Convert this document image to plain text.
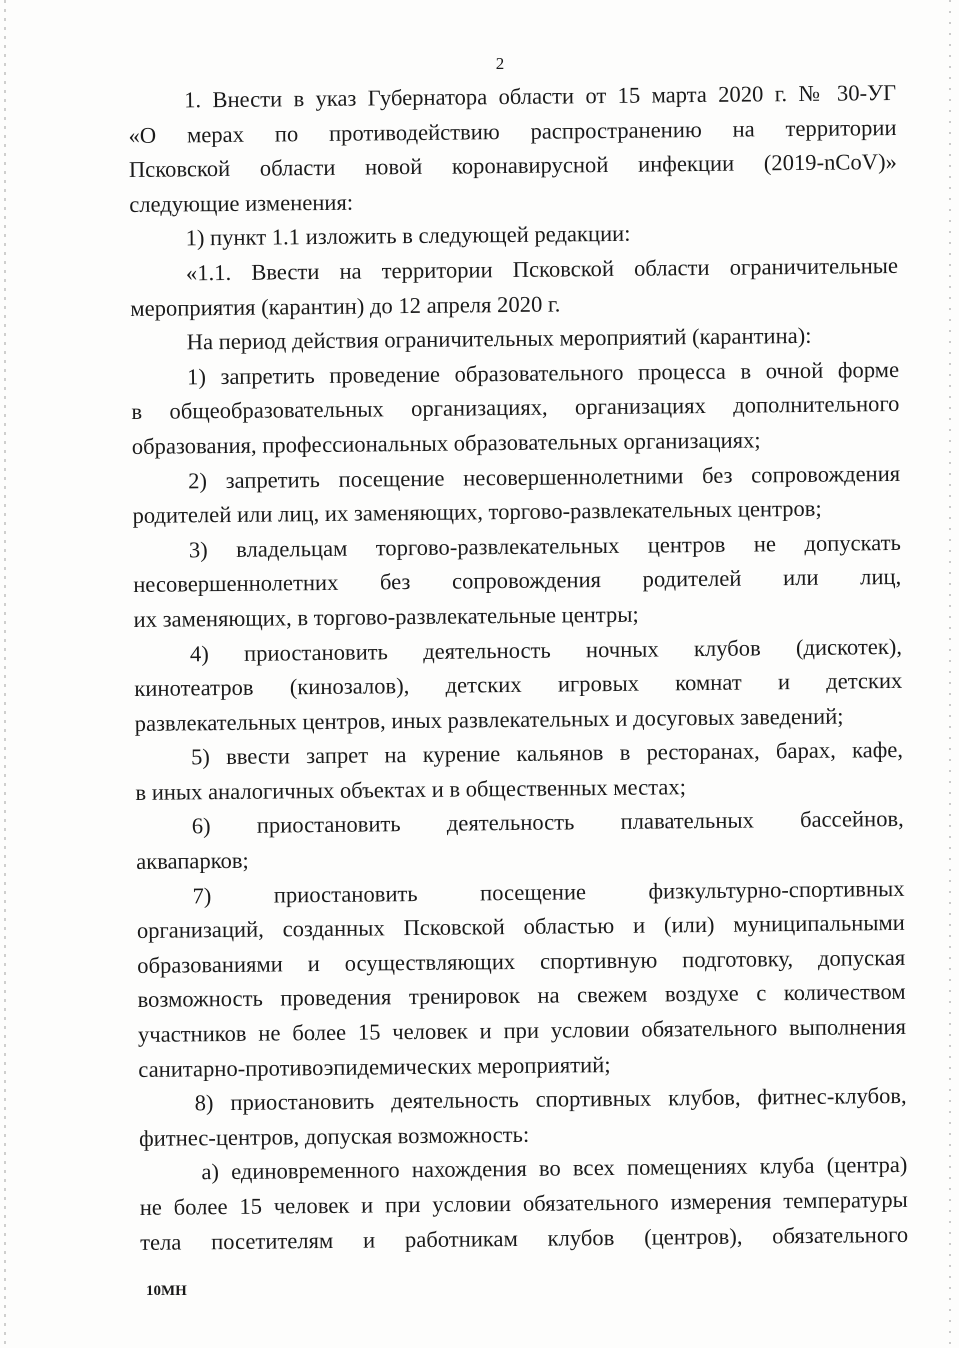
2
1. Внести в указ Губернатора области от 15 марта 2020 г. № 30-УГ
«О мерах по противодействию распространению на территории
Псковской области новой коронавирусной инфекции (2019-nCoV)»
следующие изменения:
1) пункт 1.1 изложить в следующей редакции:
«1.1. Ввести на территории Псковской области ограничительные
мероприятия (карантин) до 12 апреля 2020 г.
На период действия ограничительных мероприятий (карантина):
1) запретить проведение образовательного процесса в очной форме
в общеобразовательных организациях, организациях дополнительного
образования, профессиональных образовательных организациях;
2) запретить посещение несовершеннолетними без сопровождения
родителей или лиц, их заменяющих, торгово-развлекательных центров;
3) владельцам торгово-развлекательных центров не допускать
несовершеннолетних без сопровождения родителей или лиц,
их заменяющих, в торгово-развлекательные центры;
4) приостановить деятельность ночных клубов (дискотек),
кинотеатров (кинозалов), детских игровых комнат и детских
развлекательных центров, иных развлекательных и досуговых заведений;
5) ввести запрет на курение кальянов в ресторанах, барах, кафе,
в иных аналогичных объектах и в общественных местах;
6) приостановить деятельность плавательных бассейнов,
аквапарков;
7) приостановить посещение физкультурно-спортивных
организаций, созданных Псковской областью и (или) муниципальными
образованиями и осуществляющих спортивную подготовку, допуская
возможность проведения тренировок на свежем воздухе с количеством
участников не более 15 человек и при условии обязательного выполнения
санитарно-противоэпидемических мероприятий;
8) приостановить деятельность спортивных клубов, фитнес-клубов,
фитнес-центров, допуская возможность:
а) единовременного нахождения во всех помещениях клуба (центра)
не более 15 человек и при условии обязательного измерения температуры
тела посетителям и работникам клубов (центров), обязательного
10МН
